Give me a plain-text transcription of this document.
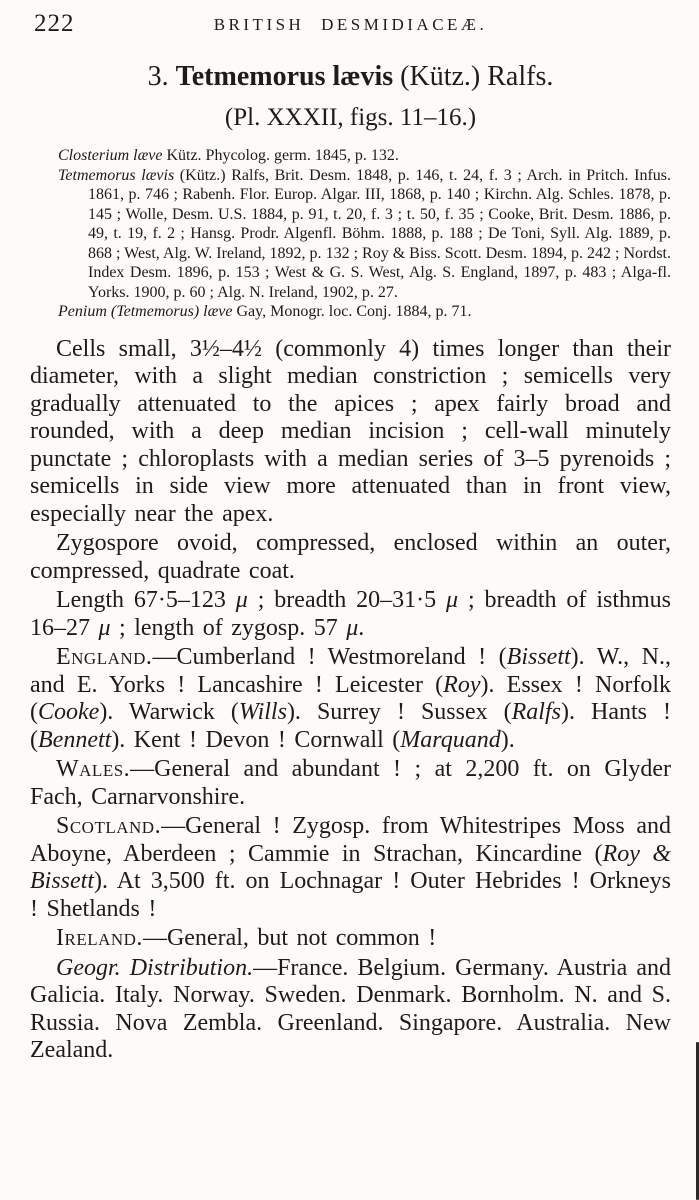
222	BRITISH DESMIDIACEÆ.
3. Tetmemorus lævis (Kütz.) Ralfs.
(Pl. XXXII, figs. 11–16.)

Closterium læve Kütz. Phycolog. germ. 1845, p. 132.

Tetmemorus lævis (Kütz.) Ralfs, Brit. Desm. 1848, p. 146, t. 24, f. 3 ; Arch. in Pritch. Infus. 1861, p. 746 ; Rabenh. Flor. Europ. Algar. III, 1868, p. 140 ; Kirchn. Alg. Schles. 1878, p. 145 ; Wolle, Desm. U.S. 1884, p. 91, t. 20, f. 3 ; t. 50, f. 35 ; Cooke, Brit. Desm. 1886, p. 49, t. 19, f. 2 ; Hansg. Prodr. Algenfl. Böhm. 1888, p. 188 ; De Toni, Syll. Alg. 1889, p. 868 ; West, Alg. W. Ireland, 1892, p. 132 ; Roy & Biss. Scott. Desm. 1894, p. 242 ; Nordst. Index Desm. 1896, p. 153 ; West & G. S. West, Alg. S. England, 1897, p. 483 ; Alga-fl. Yorks. 1900, p. 60 ; Alg. N. Ireland, 1902, p. 27.

Penium (Tetmemorus) læve Gay, Monogr. loc. Conj. 1884, p. 71.

Cells small, 3½–4½ (commonly 4) times longer than their diameter, with a slight median constriction ; semicells very gradually attenuated to the apices ; apex fairly broad and rounded, with a deep median incision ; cell-wall minutely punctate ; chloroplasts with a median series of 3–5 pyrenoids ; semicells in side view more attenuated than in front view, especially near the apex.

Zygospore ovoid, compressed, enclosed within an outer, compressed, quadrate coat.

Length 67·5–123 μ ; breadth 20–31·5 μ ; breadth of isthmus 16–27 μ ; length of zygosp. 57 μ.

England.—Cumberland ! Westmoreland ! (Bissett). W., N., and E. Yorks ! Lancashire ! Leicester (Roy). Essex ! Norfolk (Cooke). Warwick (Wills). Surrey ! Sussex (Ralfs). Hants ! (Bennett). Kent ! Devon ! Cornwall (Marquand).

Wales.—General and abundant ! ; at 2,200 ft. on Glyder Fach, Carnarvonshire.

Scotland.—General ! Zygosp. from Whitestripes Moss and Aboyne, Aberdeen ; Cammie in Strachan, Kincardine (Roy & Bissett). At 3,500 ft. on Lochnagar ! Outer Hebrides ! Orkneys ! Shetlands !

Ireland.—General, but not common !

Geogr. Distribution.—France. Belgium. Germany. Austria and Galicia. Italy. Norway. Sweden. Denmark. Bornholm. N. and S. Russia. Nova Zembla. Greenland. Singapore. Australia. New Zealand.
